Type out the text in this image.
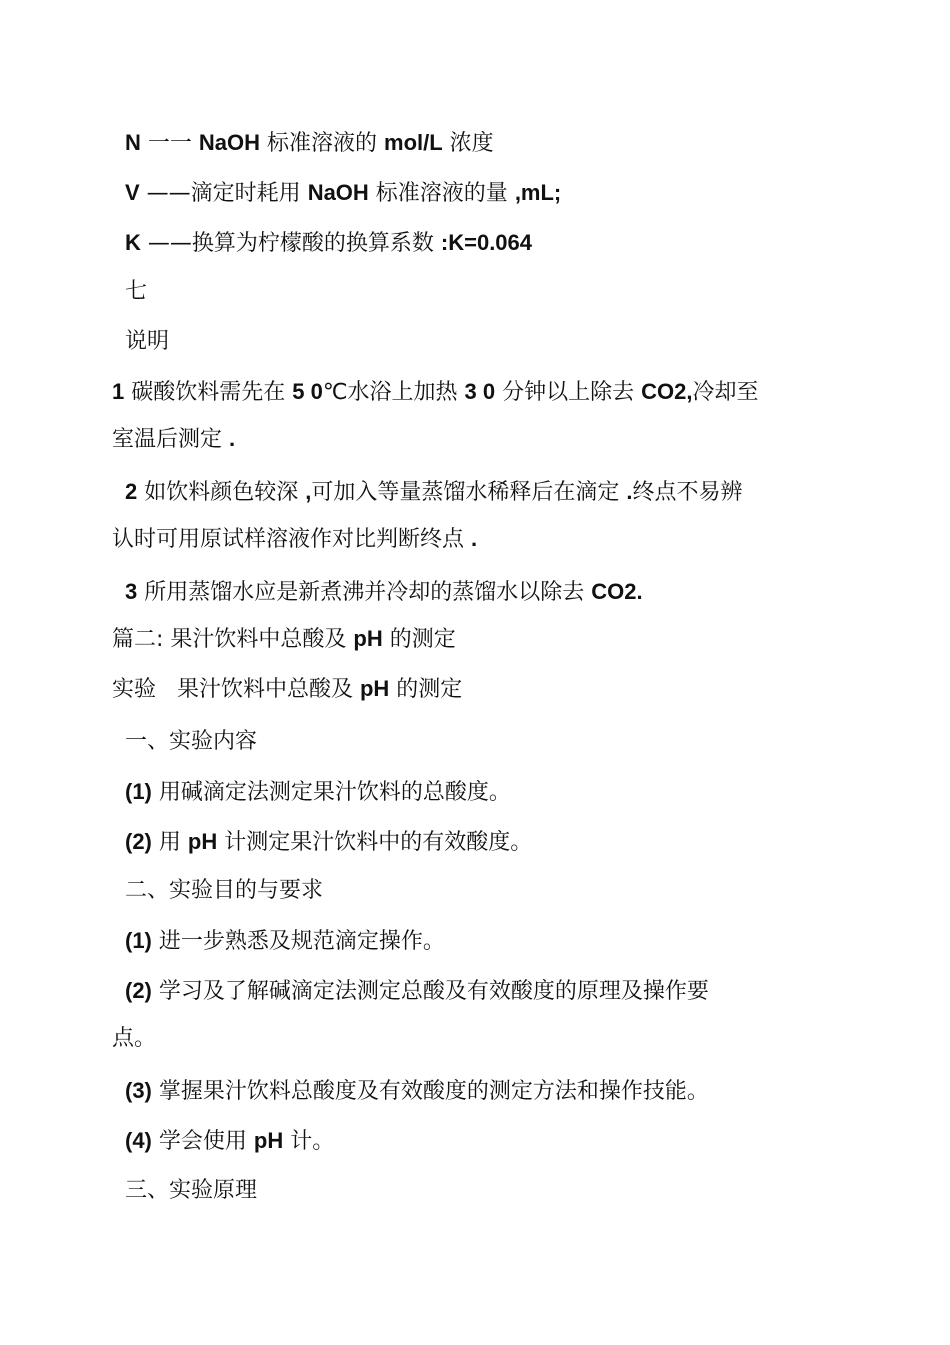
N 一一 NaOH 标准溶液的 mol/L 浓度
V ——滴定时耗用 NaOH 标准溶液的量 ,mL;
K ——换算为柠檬酸的换算系数 :K=0.064
七
说明
1 碳酸饮料需先在 5 0℃水浴上加热 3 0 分钟以上除去 CO2,冷却至
室温后测定 .
2 如饮料颜色较深 ,可加入等量蒸馏水稀释后在滴定 .终点不易辨
认时可用原试样溶液作对比判断终点 .
3 所用蒸馏水应是新煮沸并冷却的蒸馏水以除去 CO2.
篇二: 果汁饮料中总酸及 pH 的测定
实验   果汁饮料中总酸及 pH 的测定
一、实验内容
(1) 用碱滴定法测定果汁饮料的总酸度。
(2) 用 pH 计测定果汁饮料中的有效酸度。
二、实验目的与要求
(1) 进一步熟悉及规范滴定操作。
(2) 学习及了解碱滴定法测定总酸及有效酸度的原理及操作要
点。
(3) 掌握果汁饮料总酸度及有效酸度的测定方法和操作技能。
(4) 学会使用 pH 计。
三、实验原理
